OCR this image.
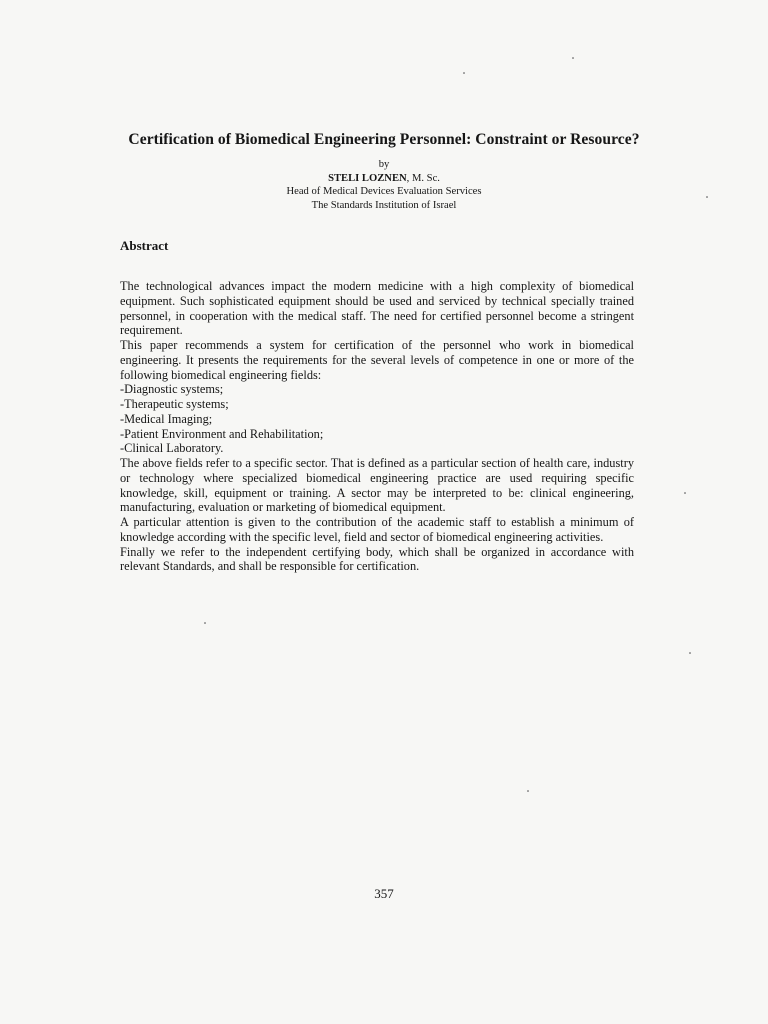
Certification of Biomedical Engineering Personnel: Constraint or Resource?
by
STELI LOZNEN, M. Sc.
Head of Medical Devices Evaluation Services
The Standards Institution of Israel
Abstract

The technological advances impact the modern medicine with a high complexity of biomedical equipment. Such sophisticated equipment should be used and serviced by technical specially trained personnel, in cooperation with the medical staff. The need for certified personnel become a stringent requirement.

This paper recommends a system for certification of the personnel who work in biomedical engineering. It presents the requirements for the several levels of competence in one or more of the following biomedical engineering fields:

-Diagnostic systems;

-Therapeutic systems;

-Medical Imaging;

-Patient Environment and Rehabilitation;

-Clinical Laboratory.

The above fields refer to a specific sector. That is defined as a particular section of health care, industry or technology where specialized biomedical engineering practice are used requiring specific knowledge, skill, equipment or training. A sector may be interpreted to be: clinical engineering, manufacturing, evaluation or marketing of biomedical equipment.

A particular attention is given to the contribution of the academic staff to establish a minimum of knowledge according with the specific level, field and sector of biomedical engineering activities.

Finally we refer to the independent certifying body, which shall be organized in accordance with relevant Standards, and shall be responsible for certification.

357
